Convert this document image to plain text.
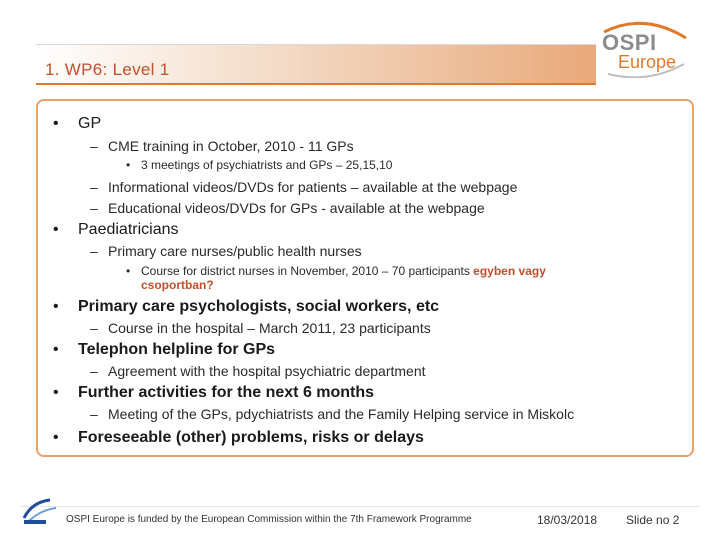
1. WP6: Level 1
OSPI
Europe
• GP
– CME training in October, 2010 - 11 GPs
• 3 meetings of psychiatrists and GPs – 25,15,10
– Informational videos/DVDs for patients – available at the webpage
– Educational videos/DVDs for GPs - available at the webpage
• Paediatricians
– Primary care nurses/public health nurses
• Course for district nurses in November, 2010 – 70 participants egyben vagy
csoportban?
• Primary care psychologists, social workers, etc
– Course in the hospital – March 2011, 23 participants
• Telephon helpline for GPs
– Agreement with the hospital psychiatric department
• Further activities for the next 6 months
– Meeting of the GPs, pdychiatrists and the Family Helping service in Miskolc
• Foreseeable (other) problems, risks or delays
OSPI Europe is funded by the European Commission within the 7th Framework Programme	18/03/2018 Slide no 2
